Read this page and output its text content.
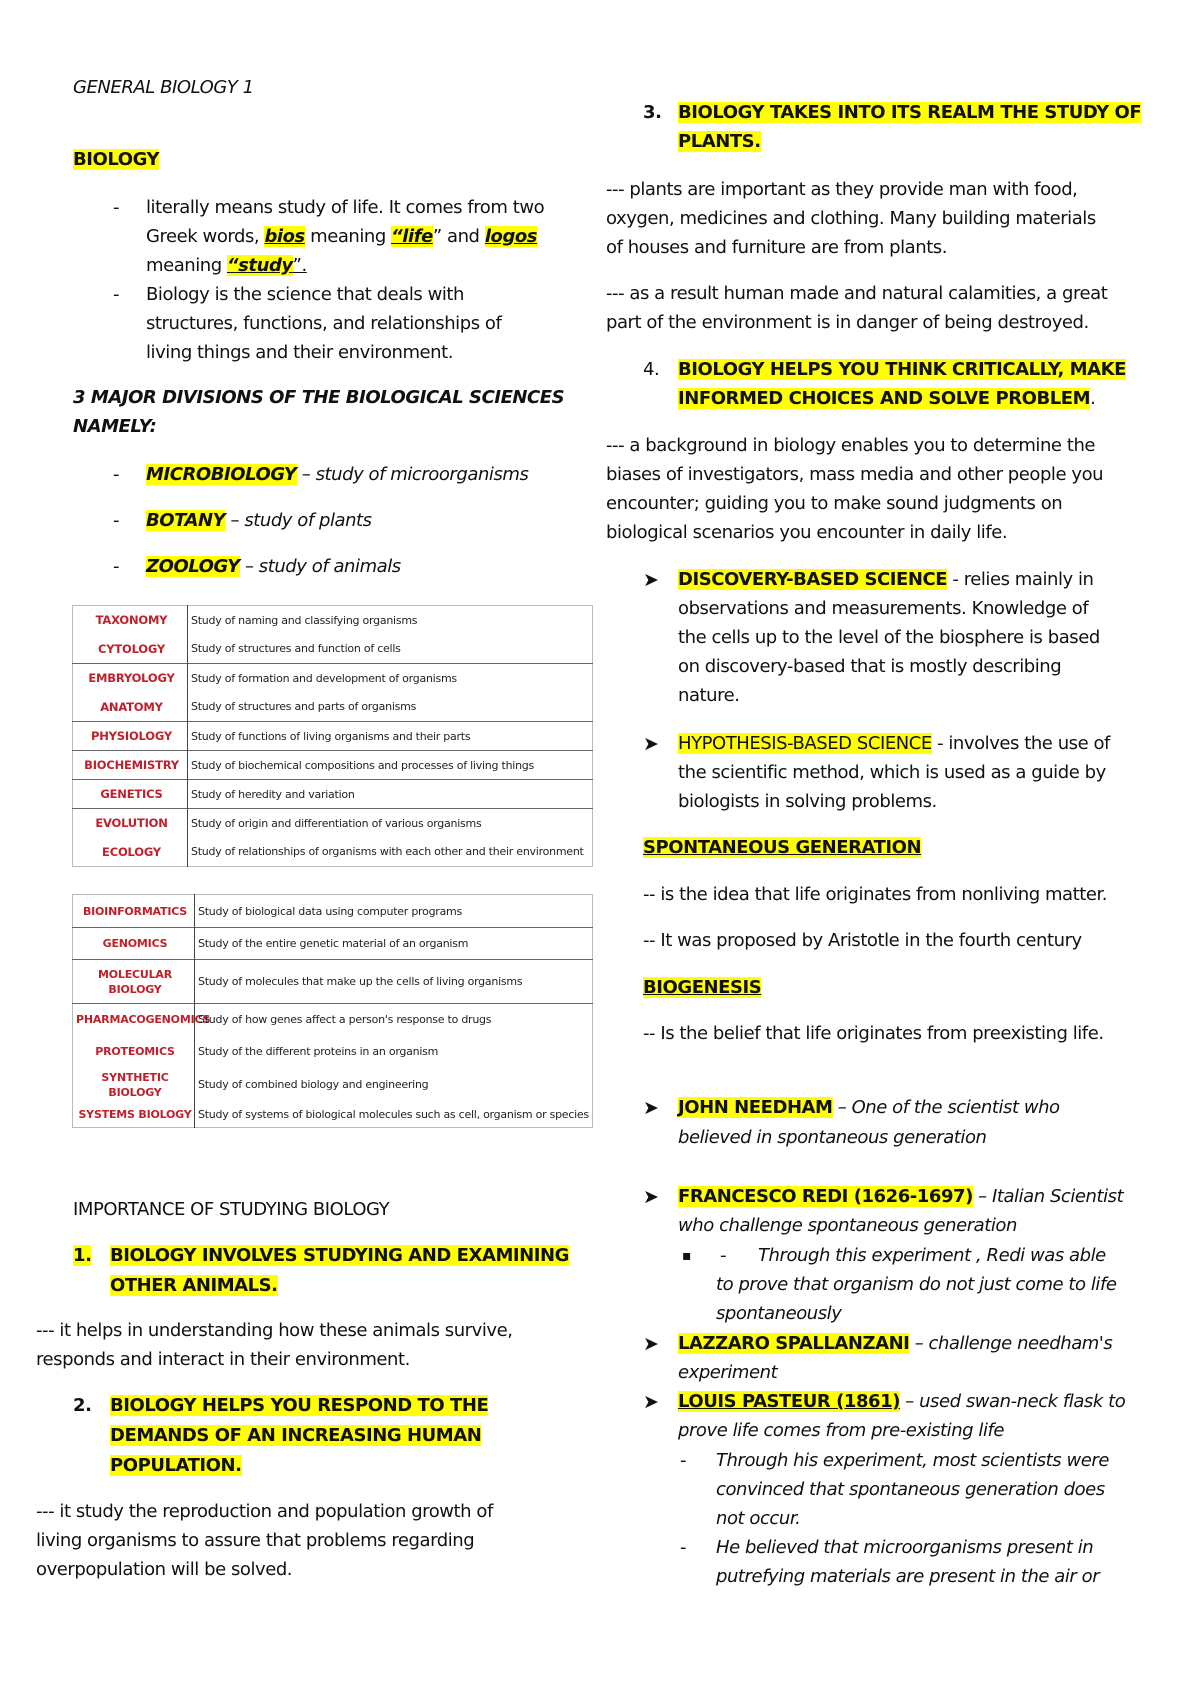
GENERAL BIOLOGY 1
BIOLOGY
- literally means study of life. It comes from two
Greek words, bios meaning “life” and logos
meaning “study”.
- Biology is the science that deals with
structures, functions, and relationships of
living things and their environment.
3 MAJOR DIVISIONS OF THE BIOLOGICAL SCIENCES
NAMELY:
- MICROBIOLOGY – study of microorganisms
- BOTANY – study of plants
- ZOOLOGY – study of animals
TAXONOMY	Study of naming and classifying organisms
CYTOLOGY	Study of structures and function of cells
EMBRYOLOGY	Study of formation and development of organisms
ANATOMY	Study of structures and parts of organisms
PHYSIOLOGY	Study of functions of living organisms and their parts
BIOCHEMISTRY	Study of biochemical compositions and processes of living things
GENETICS	Study of heredity and variation
EVOLUTION	Study of origin and differentiation of various organisms
ECOLOGY	Study of relationships of organisms with each other and their environment
BIOINFORMATICS	Study of biological data using computer programs
GENOMICS	Study of the entire genetic material of an organism
MOLECULAR BIOLOGY	Study of molecules that make up the cells of living organisms
PHARMACOGENOMICS	Study of how genes affect a person's response to drugs
PROTEOMICS	Study of the different proteins in an organism
SYNTHETIC BIOLOGY	Study of combined biology and engineering
SYSTEMS BIOLOGY	Study of systems of biological molecules such as cell, organism or species
IMPORTANCE OF STUDYING BIOLOGY
1. BIOLOGY INVOLVES STUDYING AND EXAMINING
OTHER ANIMALS.
--- it helps in understanding how these animals survive,
responds and interact in their environment.
2. BIOLOGY HELPS YOU RESPOND TO THE
DEMANDS OF AN INCREASING HUMAN
POPULATION.
--- it study the reproduction and population growth of
living organisms to assure that problems regarding
overpopulation will be solved.
3. BIOLOGY TAKES INTO ITS REALM THE STUDY OF
PLANTS.
--- plants are important as they provide man with food,
oxygen, medicines and clothing. Many building materials
of houses and furniture are from plants.
--- as a result human made and natural calamities, a great
part of the environment is in danger of being destroyed.
4. BIOLOGY HELPS YOU THINK CRITICALLY, MAKE
INFORMED CHOICES AND SOLVE PROBLEM.
--- a background in biology enables you to determine the
biases of investigators, mass media and other people you
encounter; guiding you to make sound judgments on
biological scenarios you encounter in daily life.
➤ DISCOVERY-BASED SCIENCE - relies mainly in
observations and measurements. Knowledge of
the cells up to the level of the biosphere is based
on discovery-based that is mostly describing
nature.
➤ HYPOTHESIS-BASED SCIENCE - involves the use of
the scientific method, which is used as a guide by
biologists in solving problems.
SPONTANEOUS GENERATION
-- is the idea that life originates from nonliving matter.
-- It was proposed by Aristotle in the fourth century
BIOGENESIS
-- Is the belief that life originates from preexisting life.
➤ JOHN NEEDHAM – One of the scientist who
believed in spontaneous generation
➤ FRANCESCO REDI (1626-1697) – Italian Scientist
who challenge spontaneous generation
▪ - Through this experiment , Redi was able
to prove that organism do not just come to life
spontaneously
➤ LAZZARO SPALLANZANI – challenge needham's
experiment
➤ LOUIS PASTEUR (1861) – used swan-neck flask to
prove life comes from pre-existing life
- Through his experiment, most scientists were
convinced that spontaneous generation does
not occur.
- He believed that microorganisms present in
putrefying materials are present in the air or
